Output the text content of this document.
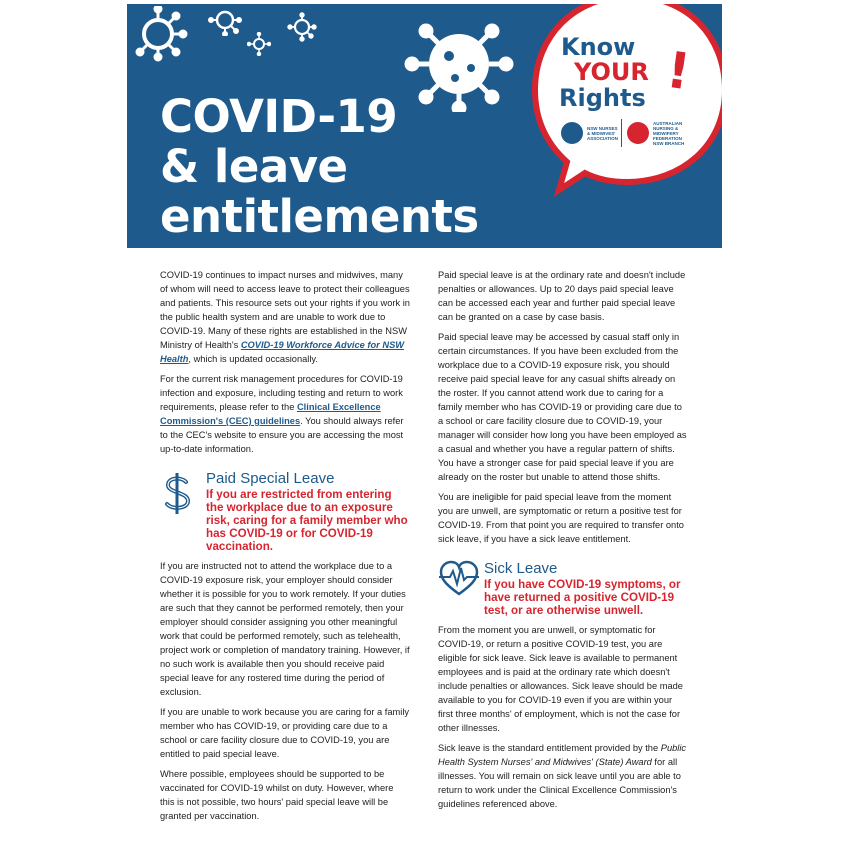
COVID-19
& leave
entitlements
Know
YOUR
Rights !
NSW NURSES & MIDWIVES' ASSOCIATION
AUSTRALIAN NURSING & MIDWIFERY FEDERATION NSW BRANCH

COVID-19 continues to impact nurses and midwives, many of whom will need to access leave to protect their colleagues and patients. This resource sets out your rights if you work in the public health system and are unable to work due to COVID-19. Many of these rights are established in the NSW Ministry of Health's COVID-19 Workforce Advice for NSW Health, which is updated occasionally.

For the current risk management procedures for COVID-19 infection and exposure, including testing and return to work requirements, please refer to the Clinical Excellence Commission's (CEC) guidelines. You should always refer to the CEC's website to ensure you are accessing the most up-to-date information.

Paid Special Leave
If you are restricted from entering the workplace due to an exposure risk, caring for a family member who has COVID-19 or for COVID-19 vaccination.

If you are instructed not to attend the workplace due to a COVID-19 exposure risk, your employer should consider whether it is possible for you to work remotely. If your duties are such that they cannot be performed remotely, then your employer should consider assigning you other meaningful work that could be performed remotely, such as telehealth, project work or completion of mandatory training. However, if no such work is available then you should receive paid special leave for any rostered time during the period of exclusion.

If you are unable to work because you are caring for a family member who has COVID-19, or providing care due to a school or care facility closure due to COVID-19, you are entitled to paid special leave.

Where possible, employees should be supported to be vaccinated for COVID-19 whilst on duty. However, where this is not possible, two hours' paid special leave will be granted per vaccination.

Paid special leave is at the ordinary rate and doesn't include penalties or allowances. Up to 20 days paid special leave can be accessed each year and further paid special leave can be granted on a case by case basis.

Paid special leave may be accessed by casual staff only in certain circumstances. If you have been excluded from the workplace due to a COVID-19 exposure risk, you should receive paid special leave for any casual shifts already on the roster. If you cannot attend work due to caring for a family member who has COVID-19 or providing care due to a school or care facility closure due to COVID-19, your manager will consider how long you have been employed as a casual and whether you have a regular pattern of shifts. You have a stronger case for paid special leave if you are already on the roster but unable to attend those shifts.

You are ineligible for paid special leave from the moment you are unwell, are symptomatic or return a positive test for COVID-19. From that point you are required to transfer onto sick leave, if you have a sick leave entitlement.

Sick Leave
If you have COVID-19 symptoms, or have returned a positive COVID-19 test, or are otherwise unwell.

From the moment you are unwell, or symptomatic for COVID-19, or return a positive COVID-19 test, you are eligible for sick leave. Sick leave is available to permanent employees and is paid at the ordinary rate which doesn't include penalties or allowances. Sick leave should be made available to you for COVID-19 even if you are within your first three months' of employment, which is not the case for other illnesses.

Sick leave is the standard entitlement provided by the Public Health System Nurses' and Midwives' (State) Award for all illnesses. You will remain on sick leave until you are able to return to work under the Clinical Excellence Commission's guidelines referenced above.
